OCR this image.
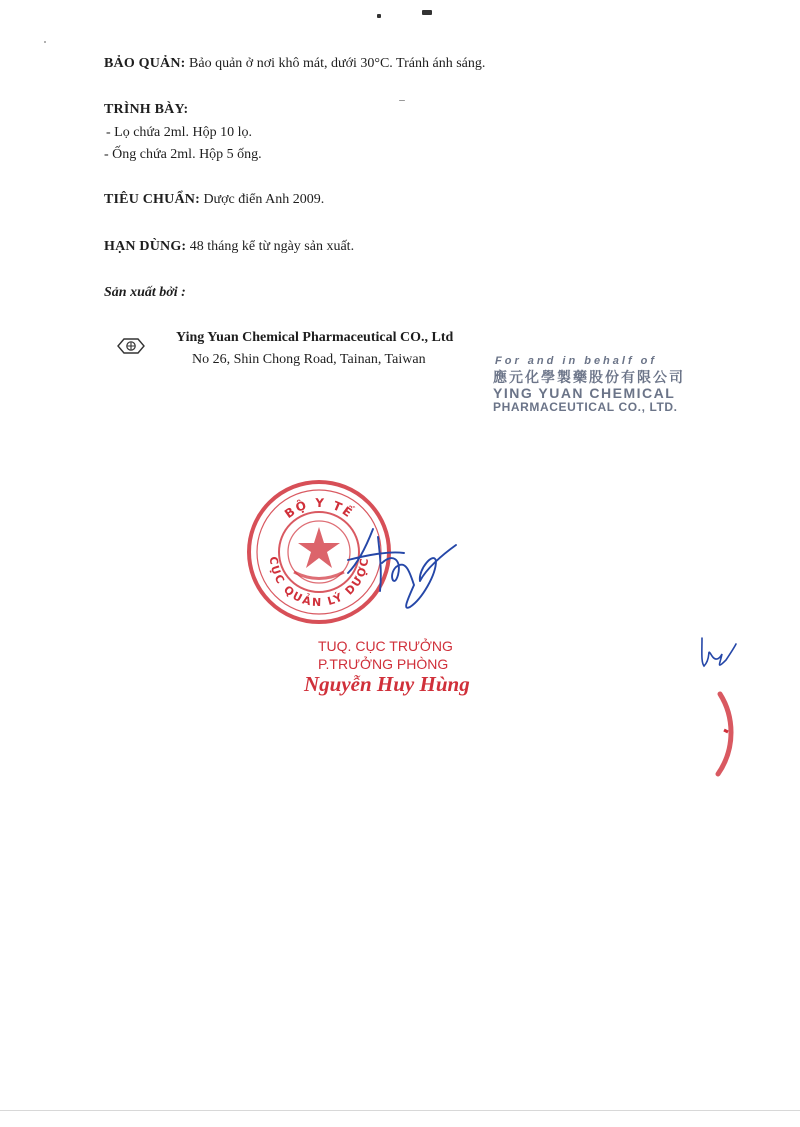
BẢO QUẢN: Bảo quản ở nơi khô mát, dưới 30°C. Tránh ánh sáng.
TRÌNH BÀY:
- Lọ chứa 2ml. Hộp 10 lọ.
- Ống chứa 2ml. Hộp 5 ống.
TIÊU CHUẨN: Dược điển Anh 2009.
HẠN DÙNG: 48 tháng kể từ ngày sản xuất.
Sản xuất bởi :
Ying Yuan Chemical Pharmaceutical CO., Ltd
No 26, Shin Chong Road, Tainan, Taiwan	For and in behalf of
應元化學製藥股份有限公司
YING YUAN CHEMICAL
PHARMACEUTICAL CO., LTD.
BỘ Y TẾ
CỤC QUẢN LÝ DƯỢC
TUQ. CỤC TRƯỞNG
P.TRƯỞNG PHÒNG
Nguyễn Huy Hùng
